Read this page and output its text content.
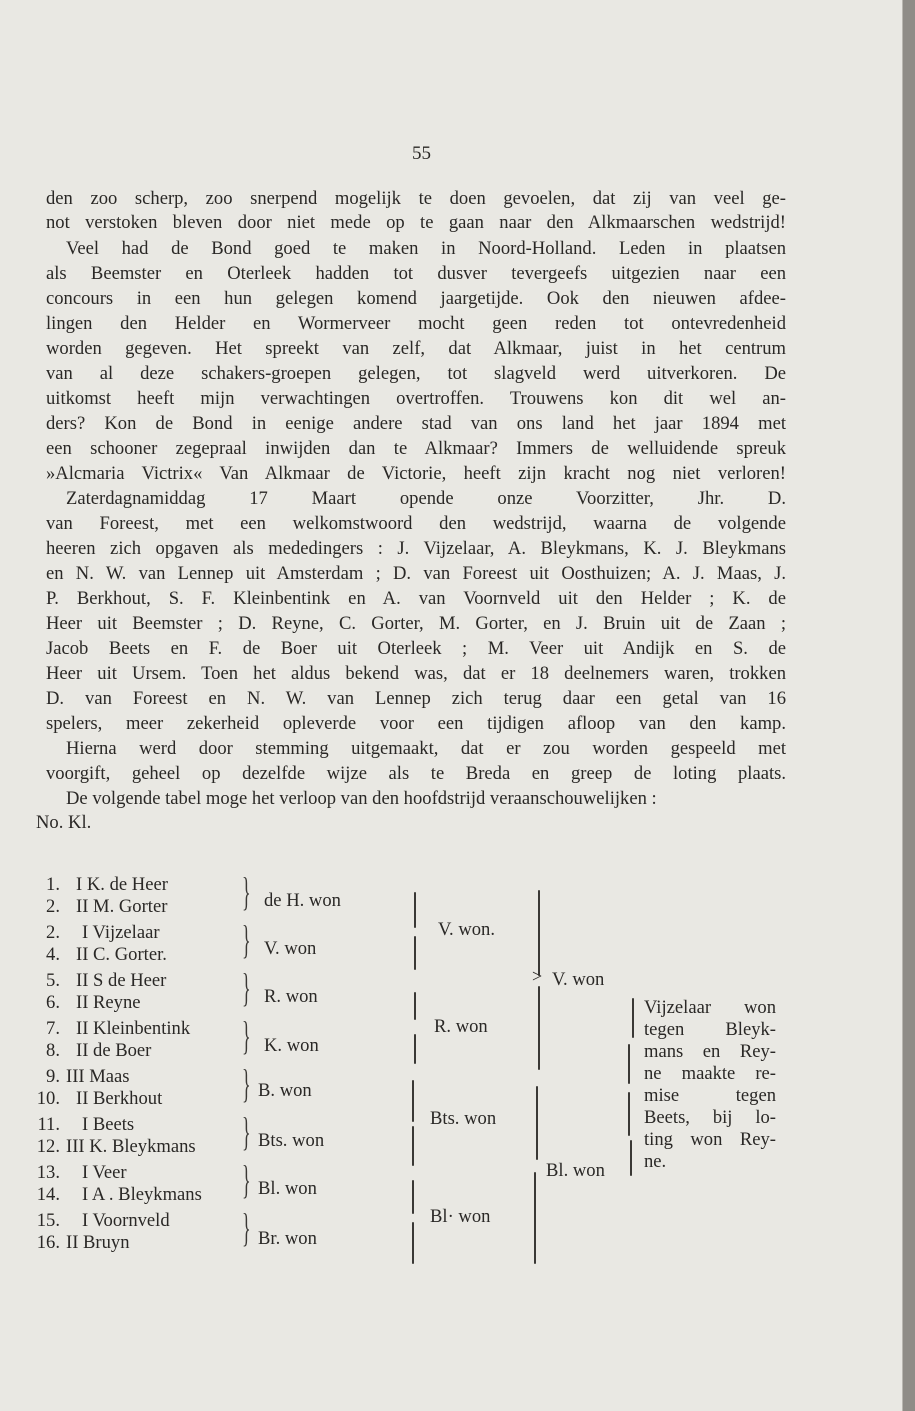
55
den zoo scherp, zoo snerpend mogelijk te doen gevoelen, dat zij van veel ge-
not verstoken bleven door niet mede op te gaan naar den Alkmaarschen wedstrijd!
Veel had de Bond goed te maken in Noord-Holland. Leden in plaatsen
als Beemster en Oterleek hadden tot dusver tevergeefs uitgezien naar een
concours in een hun gelegen komend jaargetijde. Ook den nieuwen afdee-
lingen den Helder en Wormerveer mocht geen reden tot ontevredenheid
worden gegeven. Het spreekt van zelf, dat Alkmaar, juist in het centrum
van al deze schakers-groepen gelegen, tot slagveld werd uitverkoren. De
uitkomst heeft mijn verwachtingen overtroffen. Trouwens kon dit wel an-
ders? Kon de Bond in eenige andere stad van ons land het jaar 1894 met
een schooner zegepraal inwijden dan te Alkmaar? Immers de welluidende spreuk
»Alcmaria Victrix« Van Alkmaar de Victorie, heeft zijn kracht nog niet verloren!
Zaterdagnamiddag 17 Maart opende onze Voorzitter, Jhr. D.
van Foreest, met een welkomstwoord den wedstrijd, waarna de volgende
heeren zich opgaven als mededingers : J. Vijzelaar, A. Bleykmans, K. J. Bleykmans
en N. W. van Lennep uit Amsterdam ; D. van Foreest uit Oosthuizen; A. J. Maas, J.
P. Berkhout, S. F. Kleinbentink en A. van Voornveld uit den Helder ; K. de
Heer uit Beemster ; D. Reyne, C. Gorter, M. Gorter, en J. Bruin uit de Zaan ;
Jacob Beets en F. de Boer uit Oterleek ; M. Veer uit Andijk en S. de
Heer uit Ursem. Toen het aldus bekend was, dat er 18 deelnemers waren, trokken
D. van Foreest en N. W. van Lennep zich terug daar een getal van 16
spelers, meer zekerheid opleverde voor een tijdigen afloop van den kamp.
Hierna werd door stemming uitgemaakt, dat er zou worden gespeeld met
voorgift, geheel op dezelfde wijze als te Breda en greep de loting plaats.
De volgende tabel moge het verloop van den hoofdstrijd veraanschouwelijken :
No. Kl.
1. I K. de Heer
2. II M. Gorter
2. I Vijzelaar
4. II C. Gorter.
5. II S de Heer
6. II Reyne
7. II Kleinbentink
8. II de Boer
9. III Maas
10. II Berkhout
11. I Beets
12. III K. Bleykmans
13. I Veer
14. I A . Bleykmans
15. I Voornveld
16. II Bruyn
}
}
}
}
}
}
}
}
de H. won
V. won
R. won
K. won
B. won
Bts. won
Bl. won
Br. won
V. won.
R. won
Bts. won
Bl· won
> V. won
Bl. won
Vijzelaar won
tegen Bleyk-
mans en Rey-
ne maakte re-
mise tegen
Beets, bij lo-
ting won Rey-
ne.
